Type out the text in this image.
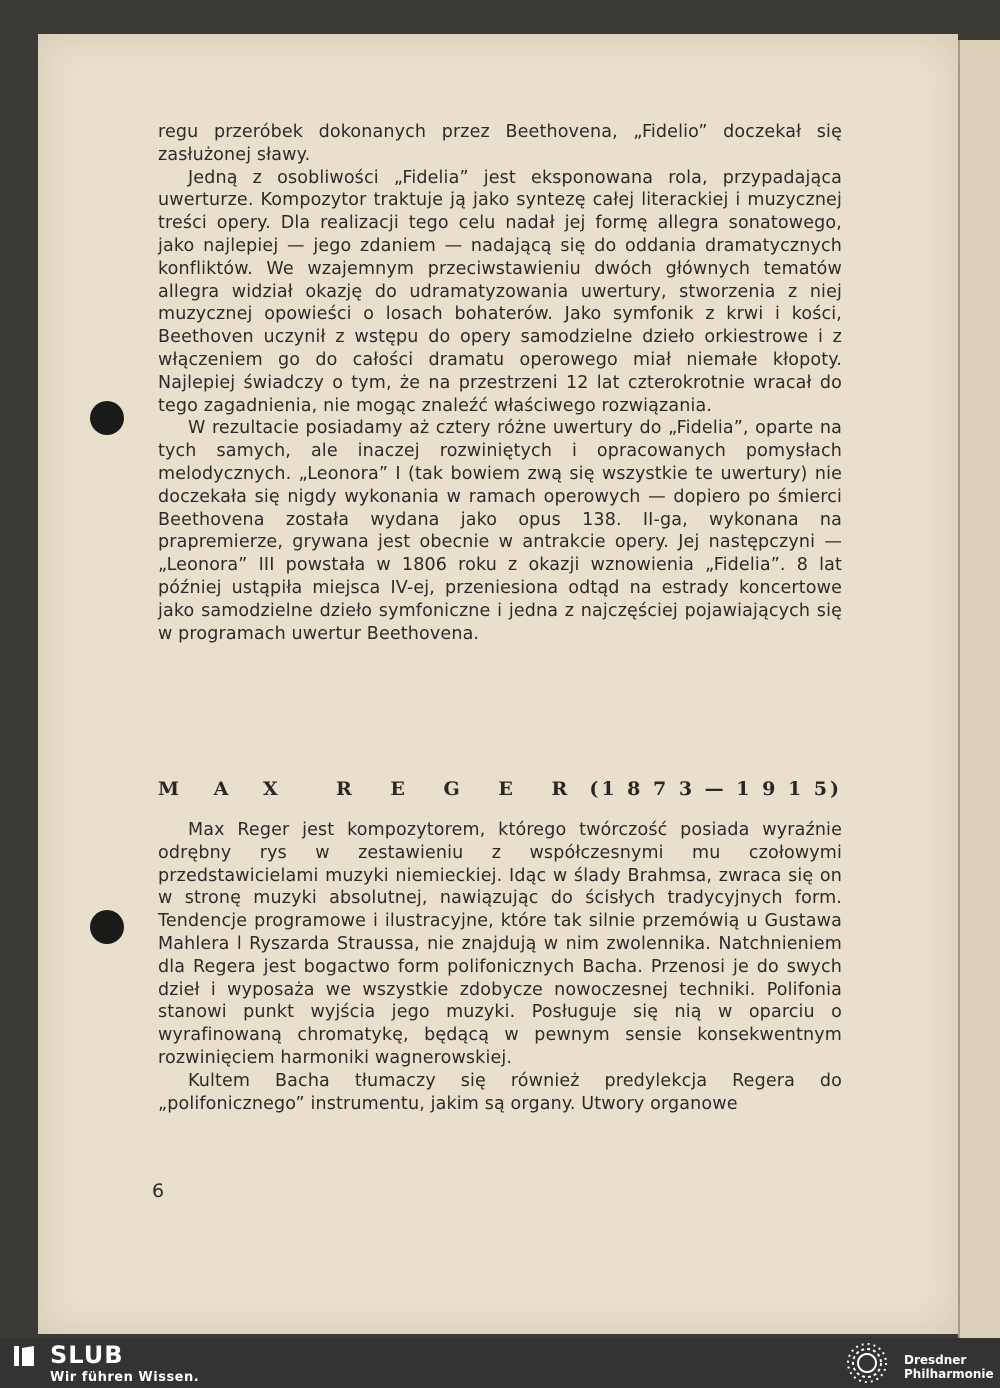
regu przeróbek dokonanych przez Beethovena, „Fidelio” doczekał się zasłużonej sławy.

Jedną z osobliwości „Fidelia” jest eksponowana rola, przypadająca uwerturze. Kompozytor traktuje ją jako syntezę całej literackiej i muzycznej treści opery. Dla realizacji tego celu nadał jej formę allegra sonatowego, jako najlepiej — jego zdaniem — nadającą się do oddania dramatycznych konfliktów. We wzajemnym przeciwstawieniu dwóch głównych tematów allegra widział okazję do udramatyzowania uwertury, stworzenia z niej muzycznej opowieści o losach bohaterów. Jako symfonik z krwi i kości, Beethoven uczynił z wstępu do opery samodzielne dzieło orkiestrowe i z włączeniem go do całości dramatu operowego miał niemałe kłopoty. Najlepiej świadczy o tym, że na przestrzeni 12 lat czterokrotnie wracał do tego zagadnienia, nie mogąc znaleźć właściwego rozwiązania.

W rezultacie posiadamy aż cztery różne uwertury do „Fidelia”, oparte na tych samych, ale inaczej rozwiniętych i opracowanych pomysłach melodycznych. „Leonora” I (tak bowiem zwą się wszystkie te uwertury) nie doczekała się nigdy wykonania w ramach operowych — dopiero po śmierci Beethovena została wydana jako opus 138. II-ga, wykonana na prapremierze, grywana jest obecnie w antrakcie opery. Jej następczyni — „Leonora” III powstała w 1806 roku z okazji wznowienia „Fidelia”. 8 lat później ustąpiła miejsca IV-ej, przeniesiona odtąd na estrady koncertowe jako samodzielne dzieło symfoniczne i jedna z najczęściej pojawiających się w programach uwertur Beethovena.

M A X R E G E R (1 8 7 3 — 1 9 1 5)

Max Reger jest kompozytorem, którego twórczość posiada wyraźnie odrębny rys w zestawieniu z współczesnymi mu czołowymi przedstawicielami muzyki niemieckiej. Idąc w ślady Brahmsa, zwraca się on w stronę muzyki absolutnej, nawiązując do ścisłych tradycyjnych form. Tendencje programowe i ilustracyjne, które tak silnie przemówią u Gustawa Mahlera l Ryszarda Straussa, nie znajdują w nim zwolennika. Natchnieniem dla Regera jest bogactwo form polifonicznych Bacha. Przenosi je do swych dzieł i wyposaża we wszystkie zdobycze nowoczesnej techniki. Polifonia stanowi punkt wyjścia jego muzyki. Posługuje się nią w oparciu o wyrafinowaną chromatykę, będącą w pewnym sensie konsekwentnym rozwinięciem harmoniki wagnerowskiej.

Kultem Bacha tłumaczy się również predylekcja Regera do „polifonicznego” instrumentu, jakim są organy. Utwory organowe

6
SLUB
Wir führen Wissen.
Dresdner
Philharmonie
